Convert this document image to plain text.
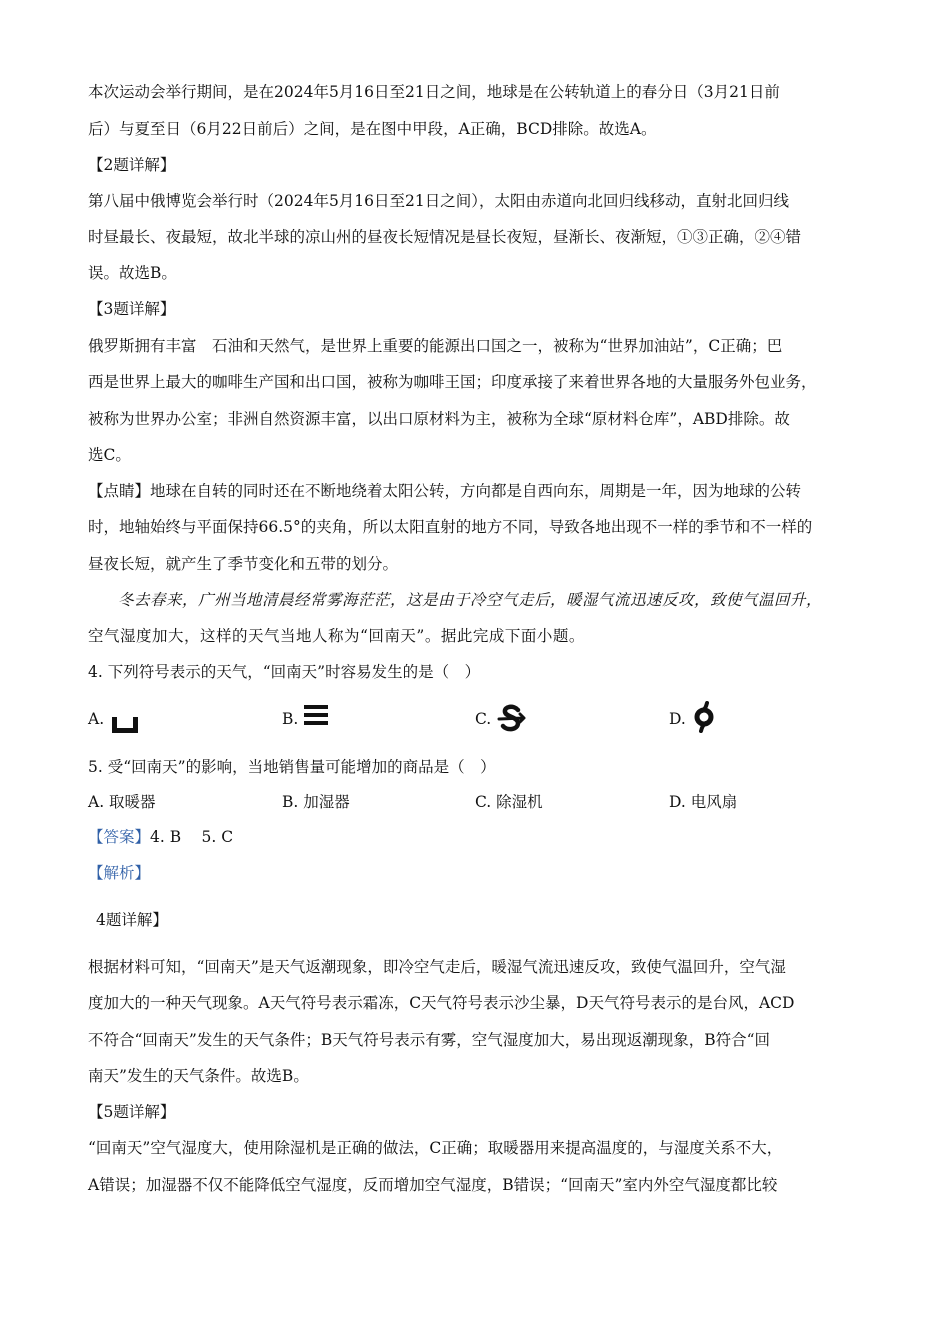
本次运动会举行期间，是在2024年5月16日至21日之间，地球是在公转轨道上的春分日（3月21日前
后）与夏至日（6月22日前后）之间，是在图中甲段，A正确，BCD排除。故选A。
【2题详解】
第八届中俄博览会举行时（2024年5月16日至21日之间），太阳由赤道向北回归线移动，直射北回归线
时昼最长、夜最短，故北半球的凉山州的昼夜长短情况是昼长夜短，昼渐长、夜渐短，①③正确，②④错
误。故选B。
【3题详解】
俄罗斯拥有丰富　石油和天然气，是世界上重要的能源出口国之一，被称为“世界加油站”，C正确；巴
西是世界上最大的咖啡生产国和出口国，被称为咖啡王国；印度承接了来着世界各地的大量服务外包业务，
被称为世界办公室；非洲自然资源丰富，以出口原材料为主，被称为全球“原材料仓库”，ABD排除。故
选C。
【点睛】地球在自转的同时还在不断地绕着太阳公转，方向都是自西向东，周期是一年，因为地球的公转
时，地轴始终与平面保持66.5°的夹角，所以太阳直射的地方不同，导致各地出现不一样的季节和不一样的
昼夜长短，就产生了季节变化和五带的划分。
冬去春来，广州当地清晨经常雾海茫茫，这是由于冷空气走后，暖湿气流迅速反攻，致使气温回升，
空气湿度加大，这样的天气当地人称为“回南天”。据此完成下面小题。
4. 下列符号表示的天气，“回南天”时容易发生的是（　）
A.	B.	C.	D.
5. 受“回南天”的影响，当地销售量可能增加的商品是（　）
A. 取暖器	B. 加湿器	C. 除湿机	D. 电风扇
【答案】4. B　 5. C
【解析】
4题详解】
根据材料可知，“回南天”是天气返潮现象，即冷空气走后，暖湿气流迅速反攻，致使气温回升，空气湿
度加大的一种天气现象。A天气符号表示霜冻，C天气符号表示沙尘暴，D天气符号表示的是台风，ACD
不符合“回南天”发生的天气条件；B天气符号表示有雾，空气湿度加大，易出现返潮现象，B符合“回
南天”发生的天气条件。故选B。
【5题详解】
“回南天”空气湿度大，使用除湿机是正确的做法，C正确；取暖器用来提高温度的，与湿度关系不大，
A错误；加湿器不仅不能降低空气湿度，反而增加空气湿度，B错误；“回南天”室内外空气湿度都比较
